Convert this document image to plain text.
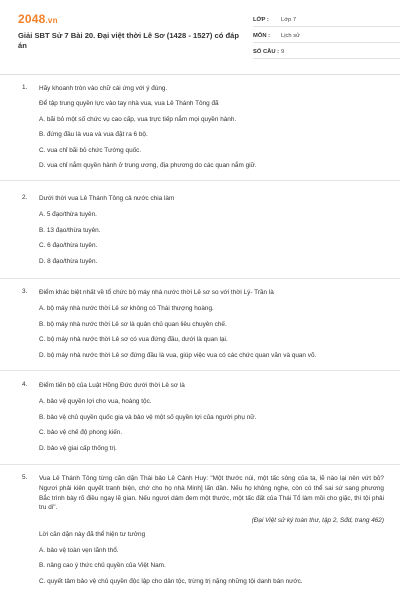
2048.vn
Giải SBT Sử 7 Bài 20. Đại việt thời Lê Sơ (1428 - 1527) có đáp án
LỚP :	Lớp 7
MÔN :	Lịch sử
SỐ CÂU : 9
1.	Hãy khoanh tròn vào chữ cái ứng với ý đúng.
Để tập trung quyền lực vào tay nhà vua, vua Lê Thánh Tông đã
A. bãi bỏ một số chức vụ cao cấp, vua trực tiếp nắm mọi quyền hành.
B. đứng đầu là vua và vua đặt ra 6 bộ.
C. vua chỉ bãi bỏ chức Tướng quốc.
D. vua chỉ nắm quyền hành ở trung ương, địa phương do các quan nắm giữ.
2.	Dưới thời vua Lê Thánh Tông cả nước chia làm
A. 5 đạo/thừa tuyên.
B. 13 đạo/thừa tuyên.
C. 6 đạo/thừa tuyên.
D. 8 đạo/thừa tuyên.
3.	Điểm khác biệt nhất về tổ chức bộ máy nhà nước thời Lê sơ so với thời Lý- Trần là
A. bộ máy nhà nước thời Lê sơ không có Thái thượng hoàng.
B. bộ máy nhà nước thời Lê sơ là quân chủ quan liêu chuyên chế.
C. bộ máy nhà nước thời Lê sơ có vua đứng đầu, dưới là quan lại.
D. bộ máy nhà nước thời Lê sơ đứng đầu là vua, giúp việc vua có các chức quan văn và quan võ.
4.	Điểm tiến bộ của Luật Hồng Đức dưới thời Lê sơ là
A. bảo vệ quyền lợi cho vua, hoàng tộc.
B. bảo vệ chủ quyền quốc gia và bảo vệ một số quyền lợi của người phụ nữ.
C. bảo vệ chế độ phong kiến.
D. bảo vệ giai cấp thống trị.
5.	Vua Lê Thánh Tông từng căn dặn Thái bảo Lê Cảnh Huy: "Một thước núi, một tấc sông của ta, lẽ nào lại nên vứt bỏ? Ngươi phải kiên quyết tranh biện, chớ cho họ nhà Minh] lấn dần. Nếu họ không nghe, còn có thể sai sứ sang phương Bắc trình bày rõ điều ngay lẽ gian. Nếu ngươi dám đem một thước, một tấc đất của Thái Tổ làm mồi cho giặc, thì tội phải tru di".
(Đại Việt sử ký toàn thư, tập 2, Sđd, trang 462)
Lời căn dặn này đã thể hiện tư tưởng
A. bảo vệ toàn vẹn lãnh thổ.
B. nâng cao ý thức chủ quyền của Việt Nam.
C. quyết tâm bảo vệ chủ quyền độc lập cho dân tộc, trừng trị nặng những tội danh bán nước.
